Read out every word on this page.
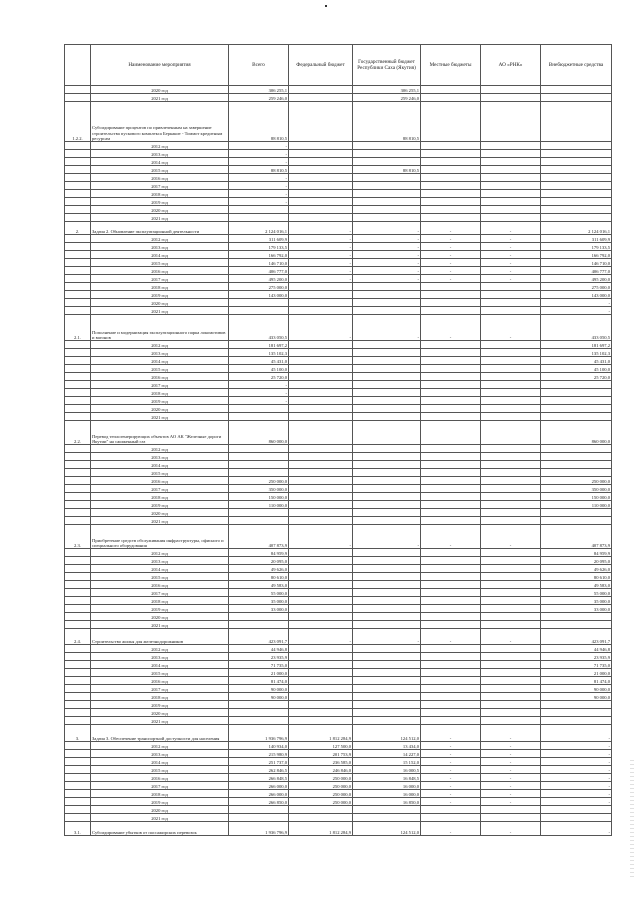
	Наименование мероприятия	Всего	Федеральный бюджет	Государственный бюджет Республики Саха (Якутия)	Местные бюджеты	АО «РНК»	Внебюджетные средства
	2020 год	306 255,1		306 255,1			
	2021 год	259 246,0		259 246,0			
1.2.2.	Субсидирование процентов по привлеченным на завершение строительства пускового комплекса Беркакит - Томмот кредитным ресурсам	88 810,5		88 810,5			
	2012 год	-					
	2013 год	-					
	2014 год	-					
	2015 год	88 810,5		88 810,5			
	2016 год	-					
	2017 год	-					
	2018 год	-					
	2019 год	-					
	2020 год						
	2021 год						
2.	Задача 2. Обновление эксплуатационной деятельности	2 124 016,1	-	-	-	-	2 124 016,1
	2012 год	311 609,9	-	-	-	-	311 609,9
	2013 год	179 133,5	-	-	-	-	179 133,5
	2014 год	166 792,0	-	-	-	-	166 792,0
	2015 год	146 710,0	-	-	-	-	146 710,0
	2016 год	406 777,0	-	-	-	-	406 777,0
	2017 год	495 200,0	-	-	-	-	495 200,0
	2018 год	275 000,0					275 000,0
	2019 год	143 000,0					143 000,0
	2020 год						-
	2021 год						-
2.1.	Пополнение и модернизация эксплуатационного парка локомотивов и вагонов	433 050,5	-	-	-	-	433 050,5
	2012 год	181 697,2					181 697,2
	2013 год	135 102,3					135 102,3
	2014 год	45 431,0					45 431,0
	2015 год	45 100,0					45 100,0
	2016 год	25 720,0					25 720,0
	2017 год	-					
	2018 год	-					
	2019 год	-					
	2020 год						
	2021 год						
2.2.	Перевод теплогенерирующих объектов АО АК "Железные дороги Якутии" на сжиженный газ	860 000,0					860 000,0
	2012 год						
	2013 год						
	2014 год						
	2015 год						
	2016 год	250 000,0					250 000,0
	2017 год	350 000,0					350 000,0
	2018 год	150 000,0					150 000,0
	2019 год	110 000,0					110 000,0
	2020 год						
	2021 год						
2.3.	Приобретение средств обслуживания инфраструктуры, офисного и специального оборудования	407 873,9	-	-	-	-	407 873,9
	2012 год	84 959,9					84 959,9
	2013 год	20 095,0					20 095,0
	2014 год	49 626,0					49 626,0
	2015 год	80 610,0					80 610,0
	2016 год	49 583,0					49 583,0
	2017 год	55 000,0					55 000,0
	2018 год	35 000,0					35 000,0
	2019 год	33 000,0					33 000,0
	2020 год						
	2021 год						
2.4.	Строительство жилья для железнодорожников	423 091,7	-	-	-	-	423 091,7
	2012 год	44 946,8					44 946,8
	2013 год	23 935,9					23 935,9
	2014 год	71 735,0					71 735,0
	2015 год	21 000,0					21 000,0
	2016 год	81 474,0					81 474,0
	2017 год	90 000,0					90 000,0
	2018 год	90 000,0					90 000,0
	2019 год						
	2020 год						
	2021 год						
3.	Задача 3. Обеспечение транспортной доступности для населения	1 936 796,9	1 812 284,9	124 512,0	-	-	-
	2012 год	140 934,0	127 500,0	13 434,0	-	-	-
	2013 год	215 980,9	201 753,9	14 227,0	-	-	-
	2014 год	251 737,0	236 585,0	15 152,0	-	-	-
	2015 год	262 846,5	246 846,0	16 000,5	-	-	-
	2016 год	266 848,5	250 000,0	16 848,5	-	-	-
	2017 год	266 000,0	250 000,0	16 000,0	-	-	-
	2018 год	266 000,0	250 000,0	16 000,0	-	-	-
	2019 год	266 850,0	250 000,0	16 850,0	-	-	-
	2020 год						
	2021 год						
3.1.	Субсидирование убытков от пассажирских перевозок	1 936 796,9	1 812 284,9	124 512,0	-	-	-
